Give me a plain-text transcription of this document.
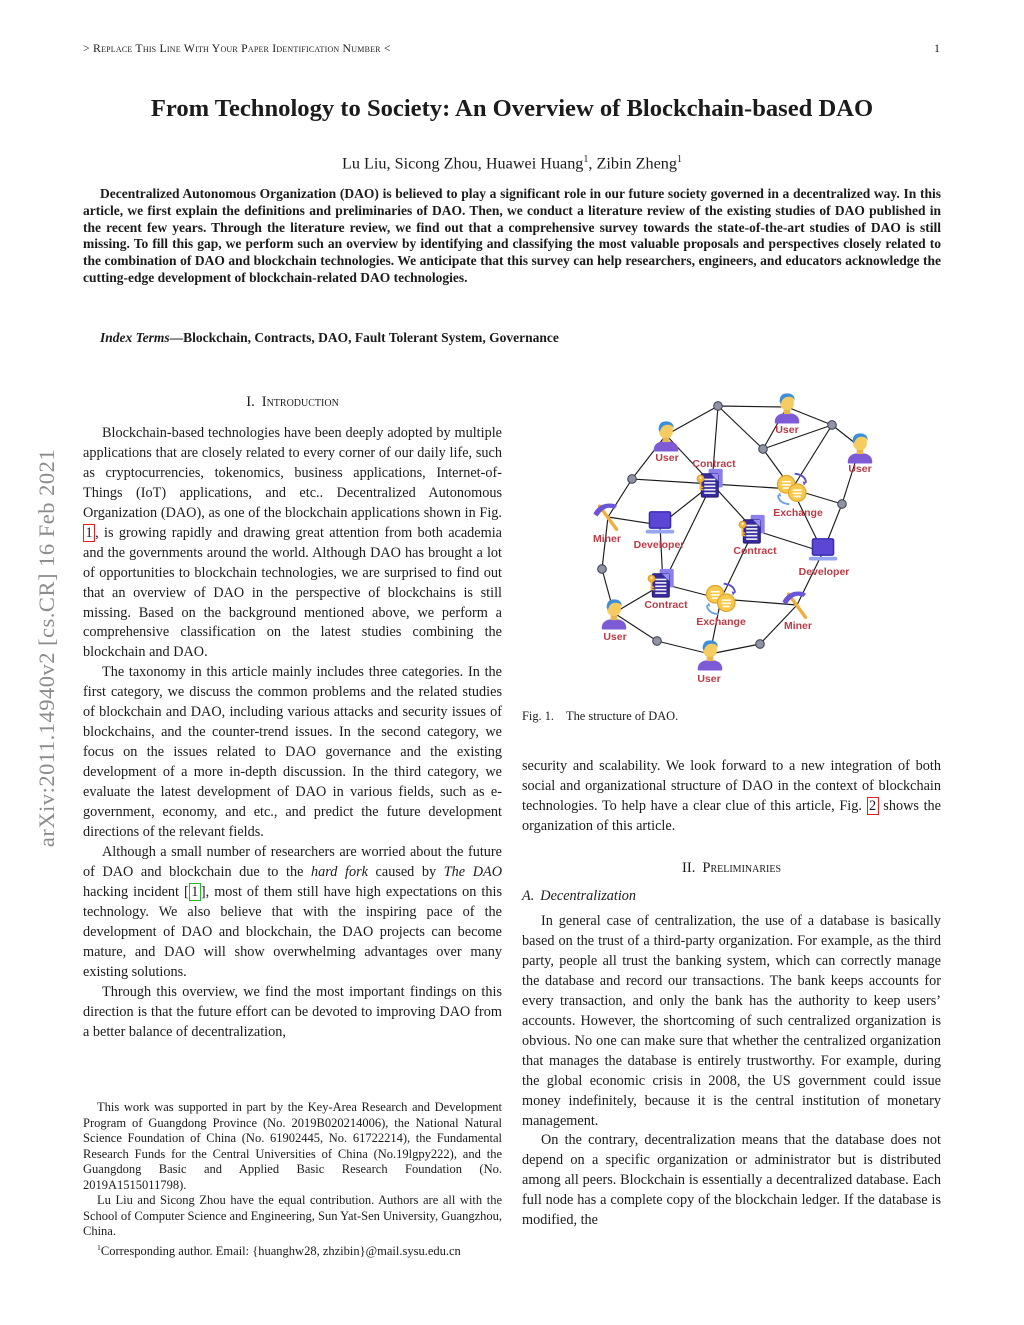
> Replace This Line With Your Paper Identification Number <	1
From Technology to Society: An Overview of Blockchain-based DAO
Lu Liu, Sicong Zhou, Huawei Huang$^1$, Zibin Zheng$^1$
Decentralized Autonomous Organization (DAO) is believed to play a significant role in our future society governed in a decentralized way. In this article, we first explain the definitions and preliminaries of DAO. Then, we conduct a literature review of the existing studies of DAO published in the recent few years. Through the literature review, we find out that a comprehensive survey towards the state-of-the-art studies of DAO is still missing. To fill this gap, we perform such an overview by identifying and classifying the most valuable proposals and perspectives closely related to the combination of DAO and blockchain technologies. We anticipate that this survey can help researchers, engineers, and educators acknowledge the cutting-edge development of blockchain-related DAO technologies.
Index Terms—Blockchain, Contracts, DAO, Fault Tolerant System, Governance
I. Introduction

Blockchain-based technologies have been deeply adopted by multiple applications that are closely related to every corner of our daily life, such as cryptocurrencies, tokenomics, business applications, Internet-of-Things (IoT) applications, and etc.. Decentralized Autonomous Organization (DAO), as one of the blockchain applications shown in Fig. 1 , is growing rapidly and drawing great attention from both academia and the governments around the world. Although DAO has brought a lot of opportunities to blockchain technologies, we are surprised to find out that an overview of DAO in the perspective of blockchains is still missing. Based on the background mentioned above, we perform a comprehensive classification on the latest studies combining the blockchain and DAO.

The taxonomy in this article mainly includes three categories. In the first category, we discuss the common problems and the related studies of blockchain and DAO, including various attacks and security issues of blockchains, and the counter-trend issues. In the second category, we focus on the issues related to DAO governance and the existing development of a more in-depth discussion. In the third category, we evaluate the latest development of DAO in various fields, such as e-government, economy, and etc., and predict the future development directions of the relevant fields.

Although a small number of researchers are worried about the future of DAO and blockchain due to the hard fork caused by The DAO hacking incident [ 1 ], most of them still have high expectations on this technology. We also believe that with the inspiring pace of the development of DAO and blockchain, the DAO projects can become mature, and DAO will show overwhelming advantages over many existing solutions.

Through this overview, we find the most important findings on this direction is that the future effort can be devoted to improving DAO from a better balance of decentralization,

This work was supported in part by the Key-Area Research and Development Program of Guangdong Province (No. 2019B020214006), the National Natural Science Foundation of China (No. 61902445, No. 61722214), the Fundamental Research Funds for the Central Universities of China (No.19lgpy222), and the Guangdong Basic and Applied Basic Research Foundation (No. 2019A1515011798).

Lu Liu and Sicong Zhou have the equal contribution. Authors are all with the School of Computer Science and Engineering, Sun Yat-Sen University, Guangzhou, China.

$^1$Corresponding author. Email: {huanghw28, zhzibin}@mail.sysu.edu.cn

User
User
User
User
User
Contract
Contract
Contract
Exchange
Exchange
Miner
Miner
Developer
Developer
Fig. 1. The structure of DAO.

security and scalability. We look forward to a new integration of both social and organizational structure of DAO in the context of blockchain technologies. To help have a clear clue of this article, Fig. 2 shows the organization of this article.

II. Preliminaries
A. Decentralization

In general case of centralization, the use of a database is basically based on the trust of a third-party organization. For example, as the third party, people all trust the banking system, which can correctly manage the database and record our transactions. The bank keeps accounts for every transaction, and only the bank has the authority to keep users’ accounts. However, the shortcoming of such centralized organization is obvious. No one can make sure that whether the centralized organization that manages the database is entirely trustworthy. For example, during the global economic crisis in 2008, the US government could issue money indefinitely, because it is the central institution of monetary management.

On the contrary, decentralization means that the database does not depend on a specific organization or administrator but is distributed among all peers. Blockchain is essentially a decentralized database. Each full node has a complete copy of the blockchain ledger. If the database is modified, the

arXiv:2011.14940v2 [cs.CR] 16 Feb 2021
